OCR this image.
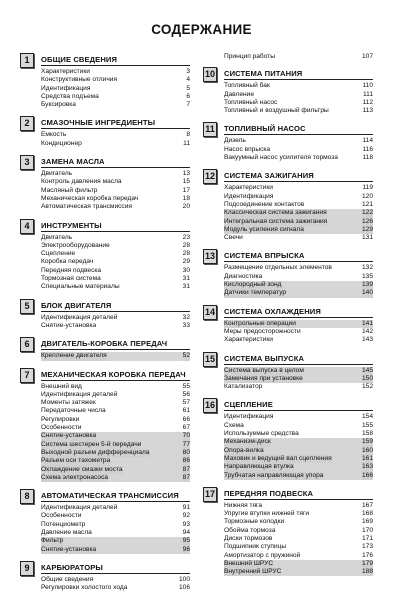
СОДЕРЖАНИЕ
1	ОБЩИЕ СВЕДЕНИЯ
Характеристики	3
Конструктивные отличия	4
Идентификация	5
Средства подъема	6
Буксировка	7
2	СМАЗОЧНЫЕ ИНГРЕДИЕНТЫ
Емкость	8
Кондиционер	11
3	ЗАМЕНА МАСЛА
Двигатель	13
Контроль давления масла	15
Масляный фильтр	17
Механическая коробка передач	18
Автоматическая трансмиссия	20
4	ИНСТРУМЕНТЫ
Двигатель	23
Электрооборудование	28
Сцепление	28
Коробка передач	29
Передняя подвеска	30
Тормозная система	31
Специальные материалы	31
5	БЛОК ДВИГАТЕЛЯ
Идентификация деталей	32
Снятие-установка	33
6	ДВИГАТЕЛЬ-КОРОБКА ПЕРЕДАЧ
Крепление двигателя	52
7	МЕХАНИЧЕСКАЯ КОРОБКА ПЕРЕДАЧ
Внешний вид	55
Идентификация деталей	56
Моменты затяжек	57
Передаточные числа	61
Регулировки	66
Особенности	67
Снятие-установка	70
Система шестерен 5-й передачи	77
Выходной разъем дифференциала	80
Разъем оси тахометра	86
Охлаждение смазки моста	87
Схема электронасоса	87
8	АВТОМАТИЧЕСКАЯ ТРАНСМИССИЯ
Идентификация деталей	91
Особенности	92
Потенциометр	93
Давление масла	94
Фильтр	95
Снятие-установка	96
9	КАРБЮРАТОРЫ
Общие сведения	100
Регулировки холостого хода	106
Принцип работы	107
10 СИСТЕМА ПИТАНИЯ
Топливный бак	110
Давление	111
Топливный насос	112
Топливный и воздушный фильтры	113
11 ТОПЛИВНЫЙ НАСОС
Дизель	114
Насос впрыска	116
Вакуумный насос усилителя тормоза	118
12 СИСТЕМА ЗАЖИГАНИЯ
Характеристики	119
Идентификация	120
Подсоединение контактов	121
Классическая система зажигания	122
Интегральная система зажигания	126
Модуль усиления сигнала	129
Свечи	131
13 СИСТЕМА ВПРЫСКА
Размещение отдельных элементов	132
Диагностика	135
Кислородный зонд	139
Датчики температур	140
14 СИСТЕМА ОХЛАЖДЕНИЯ
Контрольные операции	141
Меры предосторожности	142
Характеристики	143
15 СИСТЕМА ВЫПУСКА
Система выпуска в целом	145
Замечания при установке	150
Катализатор	152
16 СЦЕПЛЕНИЕ
Идентификация	154
Схема	155
Используемые средства	158
Механизм-диск	159
Опора-вилка	160
Маховик и ведущий вал сцепления	161
Направляющая втулка	163
Трубчатая направляющая упора	166
17 ПЕРЕДНЯЯ ПОДВЕСКА
Нижняя тяга	167
Упругие втулки нижней тяги	168
Тормозные колодки	169
Обойма тормоза	170
Диски тормозов	171
Подшипник ступицы	173
Амортизатор с пружиной	176
Внешний ШРУС	179
Внутренний ШРУС	188
